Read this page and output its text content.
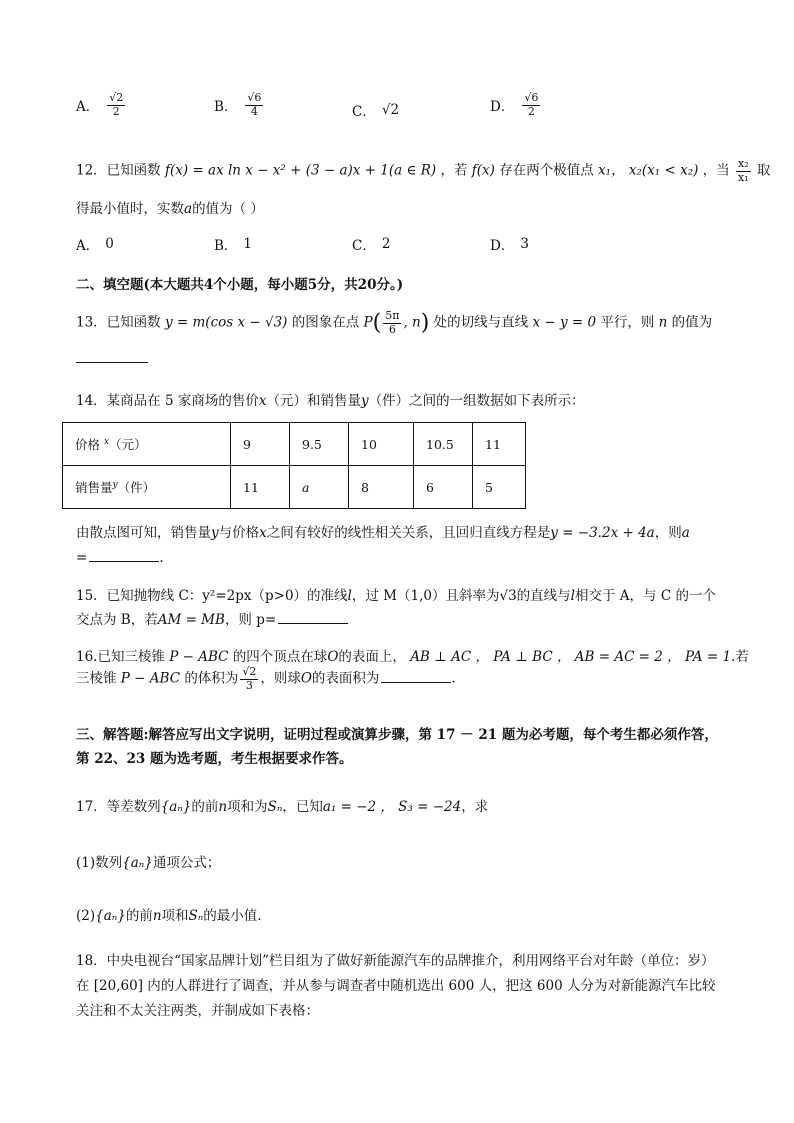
A． $\frac{√2}{2}$	B． $\frac{√6}{4}$	C． √2	D． $\frac{√6}{2}$
12．已知函数 f(x) = ax ln x − x² + (3 − a)x + 1(a ∈ R) ，若 f(x) 存在两个极值点 x₁， x₂(x₁ < x₂) ，当 $\frac{\text{x₂}}{\text{x₁}}$ 取
得最小值时，实数a的值为（ ）
A． 0	B． 1	C． 2	D． 3
二、填空题(本大题共4个小题，每小题5分，共20分。)
13．已知函数 y = m(cos x − √3) 的图象在点 $P( \frac{5\pi}{6}$ , n) 处的切线与直线 x − y = 0 平行，则 n 的值为
14．某商品在 5 家商场的售价x（元）和销售量y（件）之间的一组数据如下表所示：
价格 $^x$（元）	9	9.5	10	10.5	11
销售量$^y$（件）	11	a	8	6	5
由散点图可知，销售量y与价格x之间有较好的线性相关关系，且回归直线方程是y = −3.2x + 4a，则a
=	.
15．已知抛物线 C：y²=2px（p>0）的准线l，过 M（1,0）且斜率为√3的直线与l相交于 A，与 C 的一个
交点为 B，若AM = MB，则 p=
16.已知三棱锥 P − ABC 的四个顶点在球O的表面上， AB ⊥ AC ， PA ⊥ BC ， AB = AC = 2 ， PA = 1.若
三棱锥 P − ABC 的体积为 $\frac{√2}{3}$ ，则球O的表面积为	.
三、解答题:解答应写出文字说明，证明过程或演算步骤，第 17 － 21 题为必考题，每个考生都必须作答，
第 22、23 题为选考题，考生根据要求作答。
17．等差数列{aₙ}的前n项和为Sₙ，已知a₁ = −2 ， S₃ = −24，求
(1)数列{aₙ}通项公式；
(2){aₙ}的前n项和Sₙ的最小值.
18．中央电视台“国家品牌计划”栏目组为了做好新能源汽车的品牌推介，利用网络平台对年龄（单位：岁）
在 [20,60] 内的人群进行了调查，并从参与调查者中随机选出 600 人，把这 600 人分为对新能源汽车比较
关注和不太关注两类，并制成如下表格：
